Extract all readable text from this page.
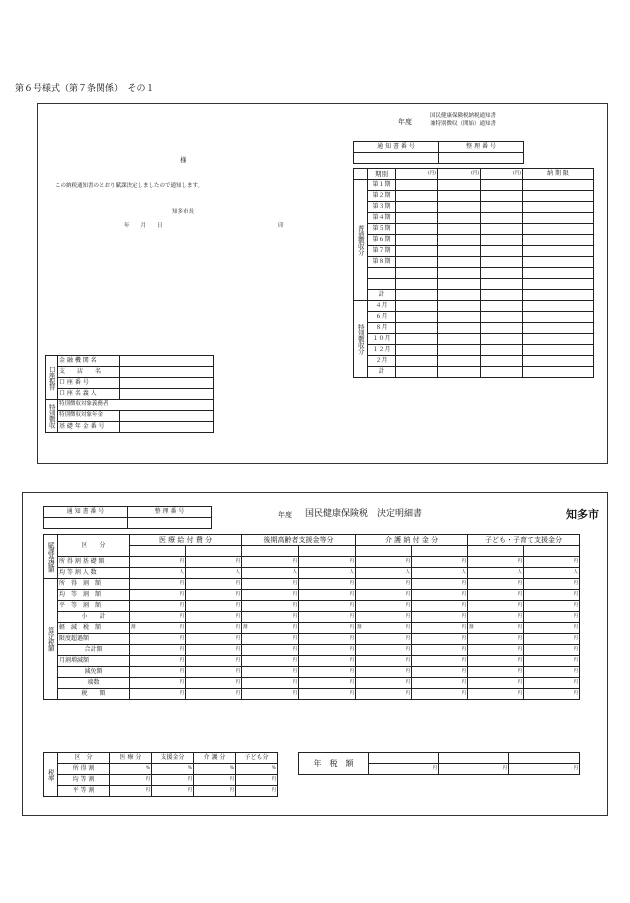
第６号様式（第７条関係）　その１
年度
国民健康保険税納税通知書
兼特別徴収（開始）通知書
様
この納税通知書のとおり賦課決定しましたので通知します。
知多市長
年　　月　　日	印
通 知 書 番 号	整 理 番 号

	期別	(円)	(円)	(円)	納 期 限
普通徴収分	第１期				
	第２期				
	第３期				
	第４期				
	第５期				
	第６期				
	第７期				
	第８期				

	計				
特別徴収分	４月				
	６月				
	８月				
	１０月				
	１２月				
	２月				
	計				
口座振替	金 融 機 関 名	
	支　　店　　名	
	口 座 番 号	
	口 座 名 義 人	
特別徴収	特別徴収対象義務者	
	特別徴収対象年金	
	基 礎 年 金 番 号	
通 知 書 番 号	整 理 番 号
		年度 国民健康保険税　決定明細書	知多市
賦課基礎額	区　　分	医 療 給 付 費 分		後期高齢者支援金等分		介 護 納 付 金 分		子ども・子育て支援金分	

	所 得 割 基 礎 額	円	円	円	円	円	円	円	円
	均 等 割 人 数	人	人	人	人	人	人	人	人
算定税額	所　得　割　額	円	円	円	円	円	円	円	円
	均　等　割　額	円	円	円	円	円	円	円	円
	平　等　割　額	円	円	円	円	円	円	円	円
	小　　計	円	円	円	円	円	円	円	円
	軽　減　税　額	割 円	円	割 円	円	割 円	円	割 円	円
	限度超過額	円	円	円	円	円	円	円	円
	合計額	円	円	円	円	円	円	円	円
	月割増減額	円	円	円	円	円	円	円	円
	減免額	円	円	円	円	円	円	円	円
	端数	円	円	円	円	円	円	円	円
	税　　額	円	円	円	円	円	円	円	円
税率	区　分	医 療 分	支援金分	介 護 分	子ども分
	所 得 割	%	%	%	%
	均 等 割	円	円	円	円
	平 等 割	円	円	円	円
年　税　額			
	円	円	円
